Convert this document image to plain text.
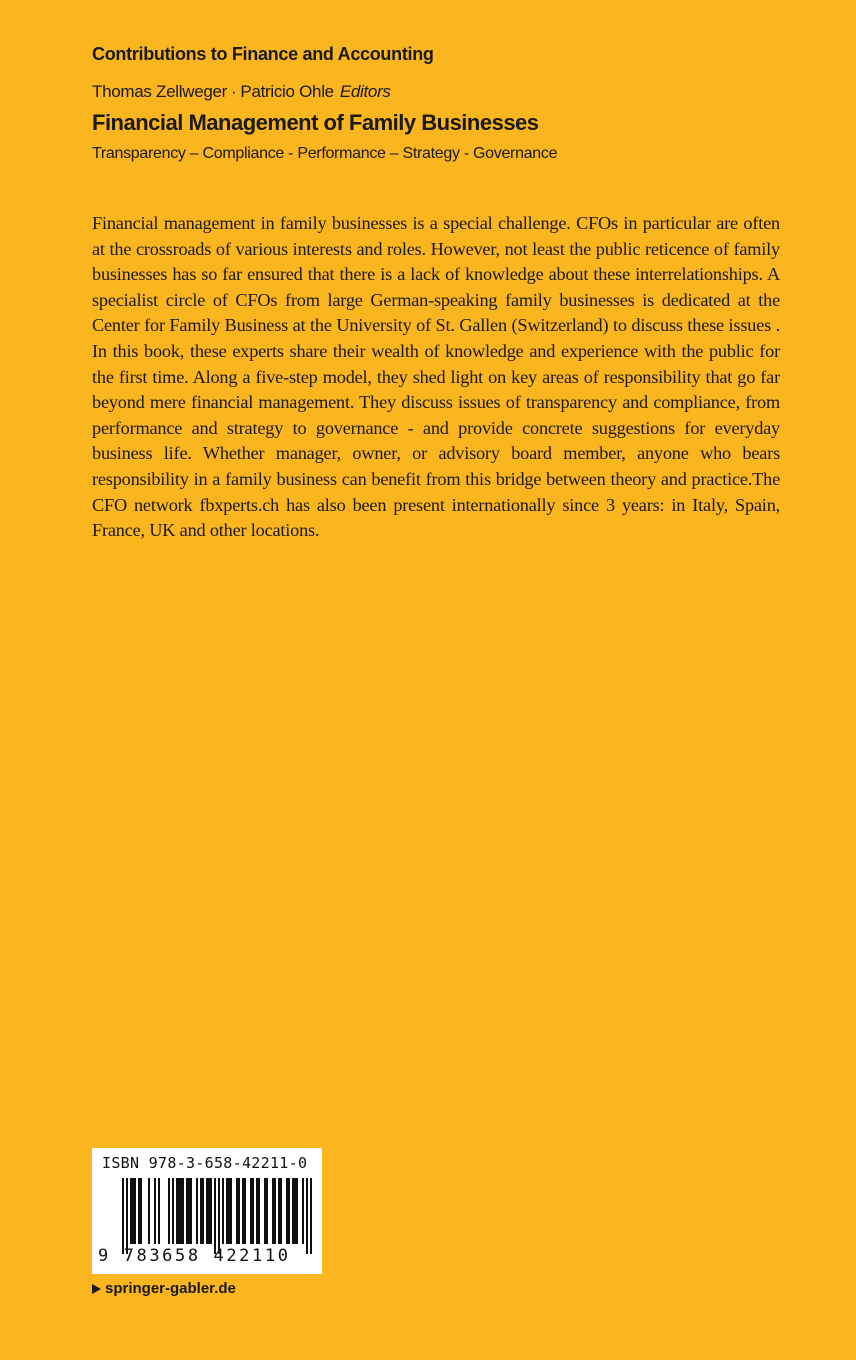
Contributions to Finance and Accounting
Thomas Zellweger · Patricio Ohle Editors
Financial Management of Family Businesses
Transparency – Compliance - Performance – Strategy - Governance

Financial management in family businesses is a special challenge. CFOs in particular are often at the crossroads of various interests and roles. However, not least the public reticence of family businesses has so far ensured that there is a lack of knowledge about these interrelationships. A specialist circle of CFOs from large German-speaking family businesses is dedicated at the Center for Family Business at the University of St. Gallen (Switzerland) to discuss these issues . In this book, these experts share their wealth of knowledge and experience with the public for the first time. Along a five-step model, they shed light on key areas of responsibility that go far beyond mere financial management. They discuss issues of transparency and compliance, from performance and strategy to governance - and provide concrete suggestions for everyday business life. Whether manager, owner, or advisory board member, anyone who bears responsibility in a family business can benefit from this bridge between theory and practice.The CFO network fbxperts.ch has also been present internationally since 3 years: in Italy, Spain, France, UK and other locations.

ISBN 978-3-658-42211-0
9 783658 422110
springer-gabler.de
